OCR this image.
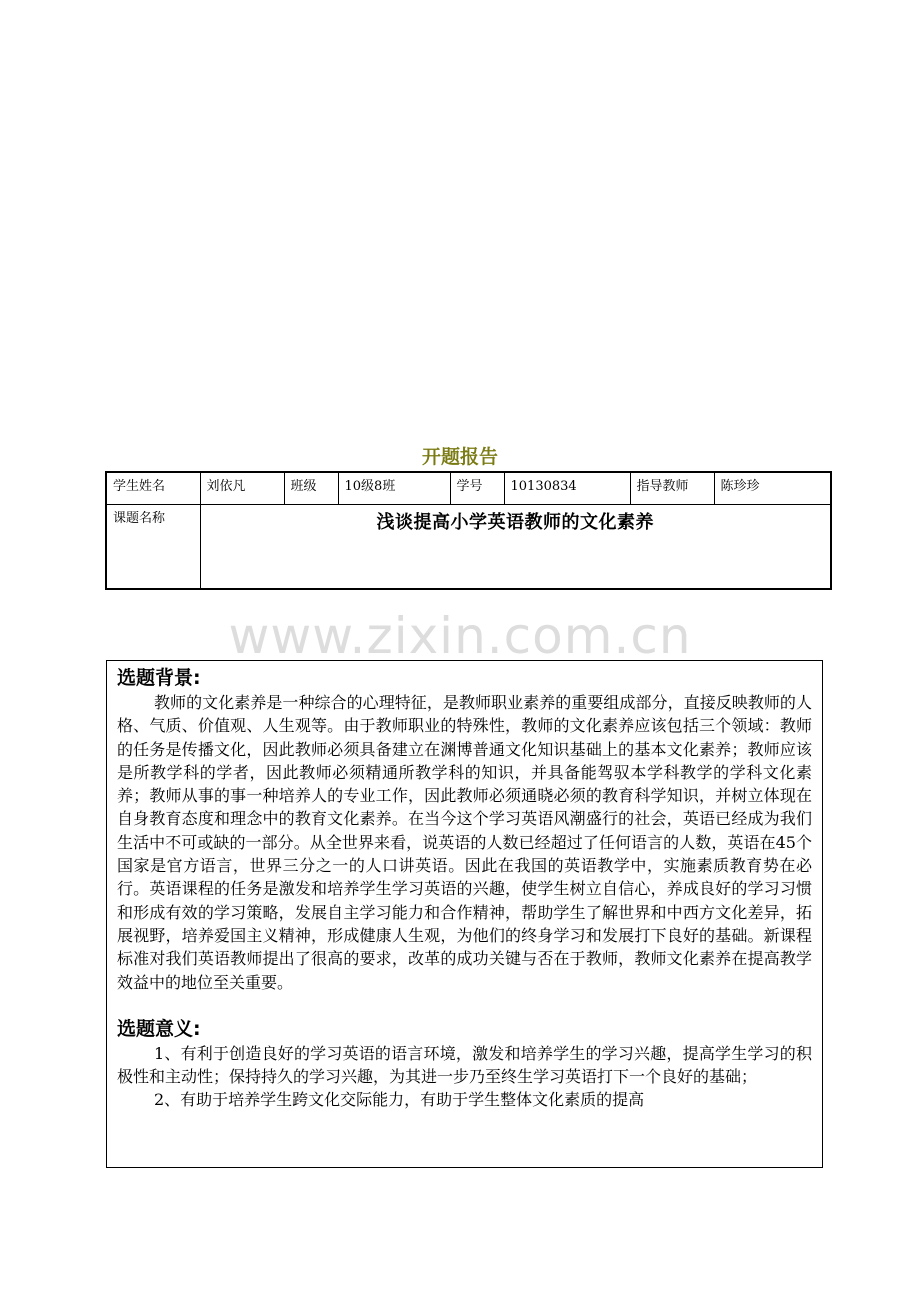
开题报告
学生姓名	刘依凡	班级	10级8班	学号	10130834	指导教师	陈珍珍
课题名称	浅谈提高小学英语教师的文化素养						
www.zixin.com.cn
选题背景:

教师的文化素养是一种综合的心理特征，是教师职业素养的重要组成部分，直接反映教师的人格、气质、价值观、人生观等。由于教师职业的特殊性，教师的文化素养应该包括三个领域：教师的任务是传播文化，因此教师必须具备建立在渊博普通文化知识基础上的基本文化素养；教师应该是所教学科的学者，因此教师必须精通所教学科的知识，并具备能驾驭本学科教学的学科文化素养；教师从事的事一种培养人的专业工作，因此教师必须通晓必须的教育科学知识，并树立体现在自身教育态度和理念中的教育文化素养。在当今这个学习英语风潮盛行的社会，英语已经成为我们生活中不可或缺的一部分。从全世界来看，说英语的人数已经超过了任何语言的人数，英语在45个国家是官方语言，世界三分之一的人口讲英语。因此在我国的英语教学中，实施素质教育势在必行。英语课程的任务是激发和培养学生学习英语的兴趣，使学生树立自信心，养成良好的学习习惯和形成有效的学习策略，发展自主学习能力和合作精神，帮助学生了解世界和中西方文化差异，拓展视野，培养爱国主义精神，形成健康人生观，为他们的终身学习和发展打下良好的基础。新课程标准对我们英语教师提出了很高的要求，改革的成功关键与否在于教师，教师文化素养在提高教学效益中的地位至关重要。

选题意义:

1、有利于创造良好的学习英语的语言环境，激发和培养学生的学习兴趣，提高学生学习的积极性和主动性；保持持久的学习兴趣，为其进一步乃至终生学习英语打下一个良好的基础；

2、有助于培养学生跨文化交际能力，有助于学生整体文化素质的提高
